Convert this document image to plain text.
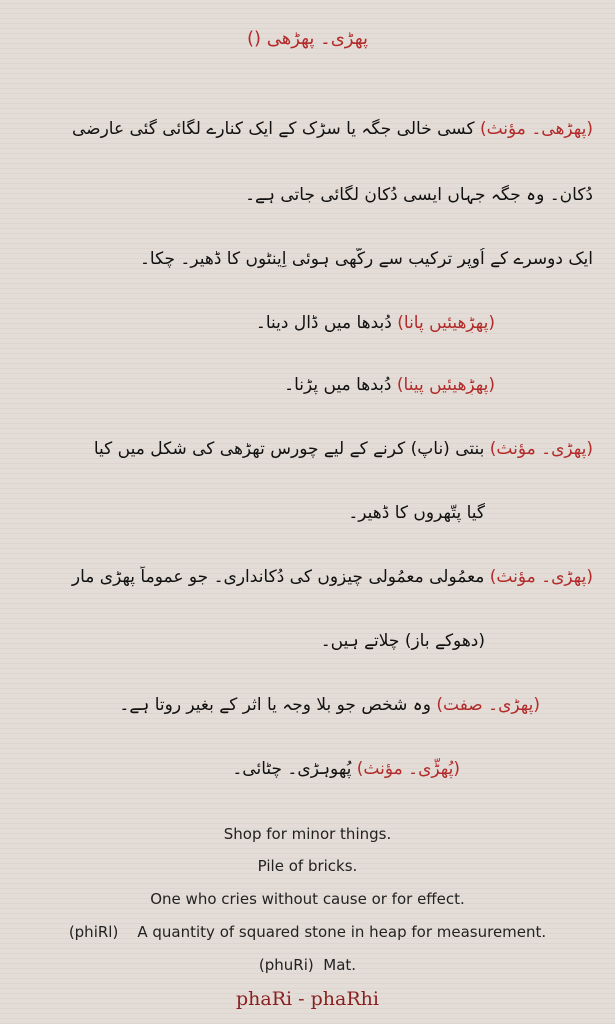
پھڑی۔ پھڑھی ()
(پھڑھی۔ مؤنث) کسی خالی جگہ یا سڑک کے ایک کنارے لگائی گئی عارضی
دُکان۔ وہ جگہ جہاں ایسی دُکان لگائی جاتی ہے۔
ایک دوسرے کے اُوپر ترکیب سے رکّھی ہوئی اِینٹوں کا ڈھیر۔ چکا۔
(پھڑِھیئیں پانا) دُبدھا میں ڈال دینا۔
(پھڑِھیئیں پینا) دُبدھا میں پڑنا۔
(پھڑی۔ مؤنث) بنتی (ناپ) کرنے کے لیے چورس تھڑھی کی شکل میں کیا
گیا پتّھروں کا ڈھیر۔
(پھڑی۔ مؤنث) معمُولی معمُولی چیزوں کی دُکانداری۔ جو عموماً پھڑی مار
(دھوکے باز) چلاتے ہیں۔
(پھڑی۔ صفت) وہ شخص جو بلا وجہ یا اثر کے بغیر روتا ہے۔
(پُھڑّی۔ مؤنث) پُھوہڑی۔ چٹائی۔
Shop for minor things.
Pile of bricks.
One who cries without cause or for effect.
(phiRl)    A quantity of squared stone in heap for measurement.
(phuRi)  Mat.
phaRi - phaRhi
